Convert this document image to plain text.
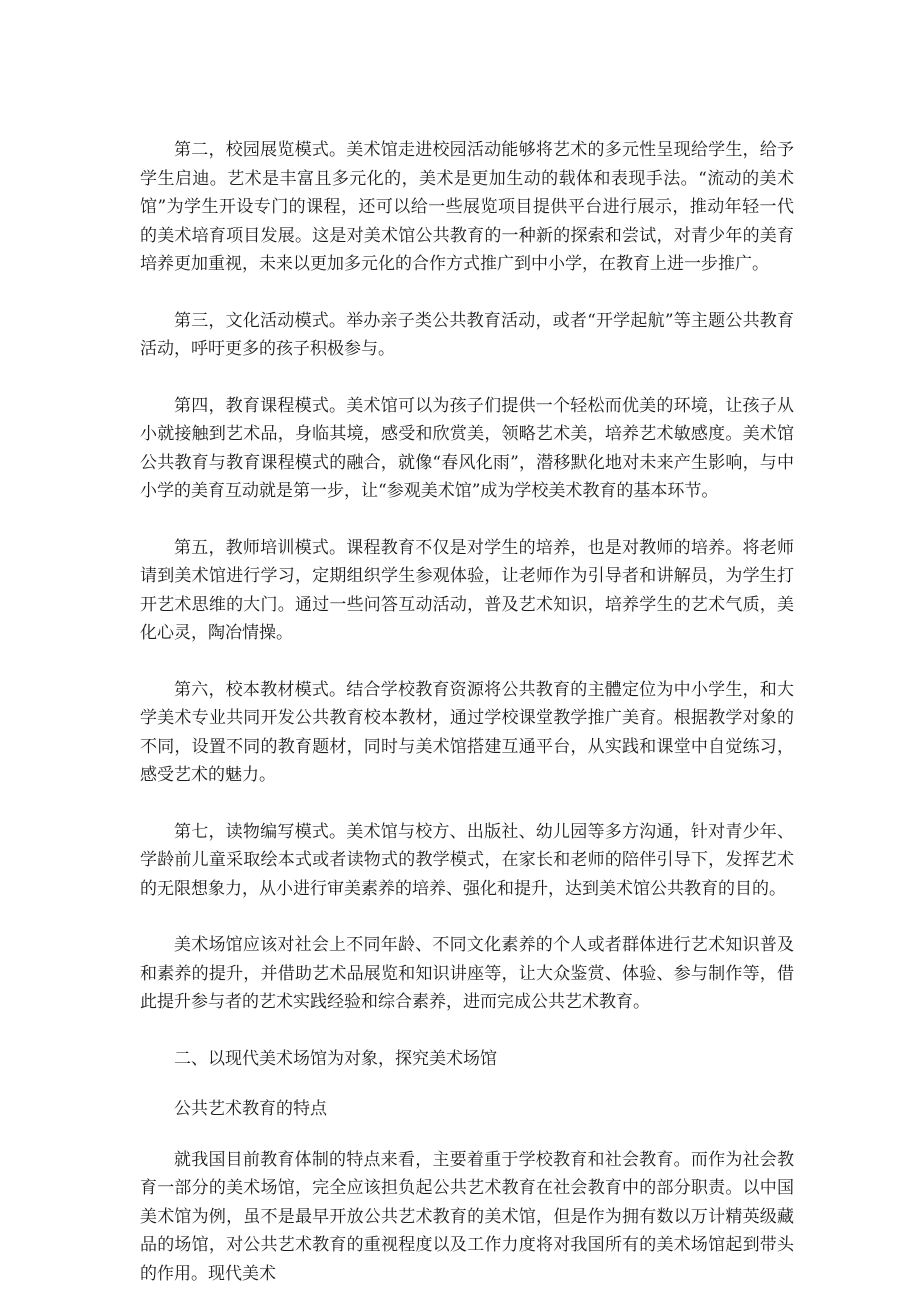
第二，校园展览模式。美术馆走进校园活动能够将艺术的多元性呈现给学生，给予学生启迪。艺术是丰富且多元化的，美术是更加生动的载体和表现手法。“流动的美术馆”为学生开设专门的课程，还可以给一些展览项目提供平台进行展示，推动年轻一代的美术培育项目发展。这是对美术馆公共教育的一种新的探索和尝试，对青少年的美育培养更加重视，未来以更加多元化的合作方式推广到中小学，在教育上进一步推广。

第三，文化活动模式。举办亲子类公共教育活动，或者“开学起航”等主题公共教育活动，呼吁更多的孩子积极参与。

第四，教育课程模式。美术馆可以为孩子们提供一个轻松而优美的环境，让孩子从小就接触到艺术品，身临其境，感受和欣赏美，领略艺术美，培养艺术敏感度。美术馆公共教育与教育课程模式的融合，就像“春风化雨”，潜移默化地对未来产生影响，与中小学的美育互动就是第一步，让“参观美术馆”成为学校美术教育的基本环节。

第五，教师培训模式。课程教育不仅是对学生的培养，也是对教师的培养。将老师请到美术馆进行学习，定期组织学生参观体验，让老师作为引导者和讲解员，为学生打开艺术思维的大门。通过一些问答互动活动，普及艺术知识，培养学生的艺术气质，美化心灵，陶冶情操。

第六，校本教材模式。结合学校教育资源将公共教育的主體定位为中小学生，和大学美术专业共同开发公共教育校本教材，通过学校课堂教学推广美育。根据教学对象的不同，设置不同的教育题材，同时与美术馆搭建互通平台，从实践和课堂中自觉练习，感受艺术的魅力。

第七，读物编写模式。美术馆与校方、出版社、幼儿园等多方沟通，针对青少年、学龄前儿童采取绘本式或者读物式的教学模式，在家长和老师的陪伴引导下，发挥艺术的无限想象力，从小进行审美素养的培养、强化和提升，达到美术馆公共教育的目的。

美术场馆应该对社会上不同年龄、不同文化素养的个人或者群体进行艺术知识普及和素养的提升，并借助艺术品展览和知识讲座等，让大众鉴赏、体验、参与制作等，借此提升参与者的艺术实践经验和综合素养，进而完成公共艺术教育。

二、以现代美术场馆为对象，探究美术场馆

公共艺术教育的特点

就我国目前教育体制的特点来看，主要着重于学校教育和社会教育。而作为社会教育一部分的美术场馆，完全应该担负起公共艺术教育在社会教育中的部分职责。以中国美术馆为例，虽不是最早开放公共艺术教育的美术馆，但是作为拥有数以万计精英级藏品的场馆，对公共艺术教育的重视程度以及工作力度将对我国所有的美术场馆起到带头的作用。现代美术
